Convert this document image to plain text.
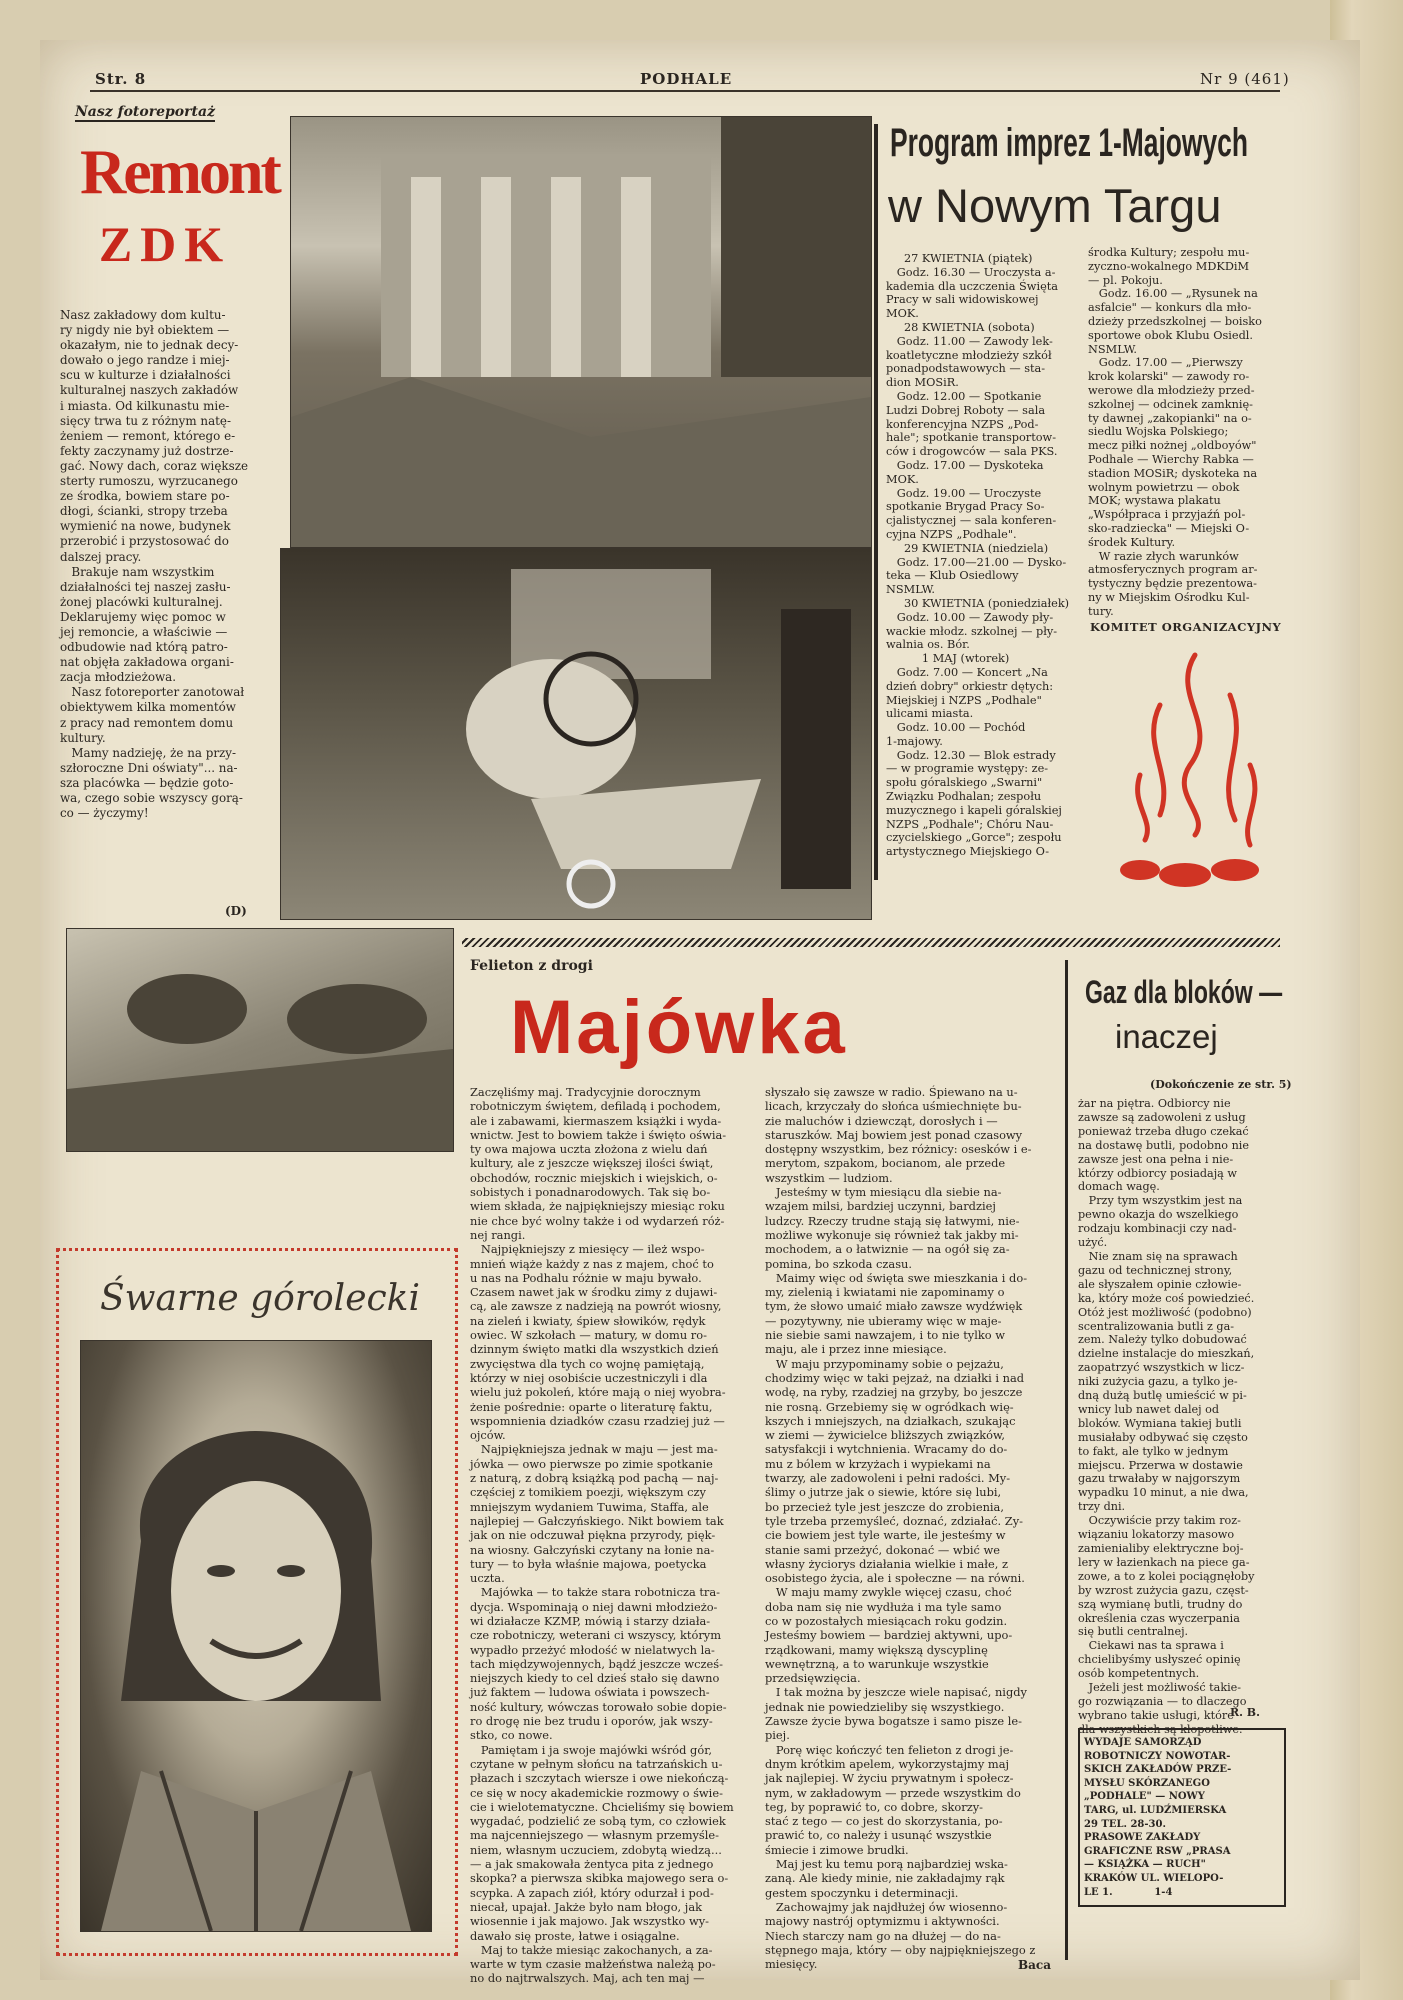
Str. 8	PODHALE	Nr 9 (461)
Nasz fotoreportaż
Remont
ZDK
Nasz zakładowy dom kultu-
ry nigdy nie był obiektem —
okazałym, nie to jednak decy-
dowało o jego randze i miej-
scu w kulturze i działalności
kulturalnej naszych zakładów
i miasta. Od kilkunastu mie-
sięcy trwa tu z różnym natę-
żeniem — remont, którego e-
fekty zaczynamy już dostrze-
gać. Nowy dach, coraz większe
sterty rumoszu, wyrzucanego
ze środka, bowiem stare po-
dłogi, ścianki, stropy trzeba
wymienić na nowe, budynek
przerobić i przystosować do
dalszej pracy.
Brakuje nam wszystkim
działalności tej naszej zasłu-
żonej placówki kulturalnej.
Deklarujemy więc pomoc w
jej remoncie, a właściwie —
odbudowie nad którą patro-
nat objęła zakładowa organi-
zacja młodzieżowa.
Nasz fotoreporter zanotował
obiektywem kilka momentów
z pracy nad remontem domu
kultury.
Mamy nadzieję, że na przy-
szłoroczne Dni oświaty"... na-
sza placówka — będzie goto-
wa, czego sobie wszyscy gorą-
co — życzymy!
(D)
Program imprez 1-Majowych
w Nowym Targu
27 KWIETNIA (piątek)
Godz. 16.30 — Uroczysta a-
kademia dla uczczenia Święta
Pracy w sali widowiskowej
MOK.
28 KWIETNIA (sobota)
Godz. 11.00 — Zawody lek-
koatletyczne młodzieży szkół
ponadpodstawowych — sta-
dion MOSiR.
Godz. 12.00 — Spotkanie
Ludzi Dobrej Roboty — sala
konferencyjna NZPS „Pod-
hale"; spotkanie transportow-
ców i drogowców — sala PKS.
Godz. 17.00 — Dyskoteka
MOK.
Godz. 19.00 — Uroczyste
spotkanie Brygad Pracy So-
cjalistycznej — sala konferen-
cyjna NZPS „Podhale".
29 KWIETNIA (niedziela)
Godz. 17.00—21.00 — Dysko-
teka — Klub Osiedlowy
NSMLW.
30 KWIETNIA (poniedziałek)
Godz. 10.00 — Zawody pły-
wackie młodz. szkolnej — pły-
walnia os. Bór.
1 MAJ (wtorek)
Godz. 7.00 — Koncert „Na
dzień dobry" orkiestr dętych:
Miejskiej i NZPS „Podhale"
ulicami miasta.
Godz. 10.00 — Pochód
1-majowy.
Godz. 12.30 — Blok estrady
— w programie występy: ze-
społu góralskiego „Swarni"
Związku Podhalan; zespołu
muzycznego i kapeli góralskiej
NZPS „Podhale"; Chóru Nau-
czycielskiego „Gorce"; zespołu
artystycznego Miejskiego O-
środka Kultury; zespołu mu-
zyczno-wokalnego MDKDiM
— pl. Pokoju.
Godz. 16.00 — „Rysunek na
asfalcie" — konkurs dla mło-
dzieży przedszkolnej — boisko
sportowe obok Klubu Osiedl.
NSMLW.
Godz. 17.00 — „Pierwszy
krok kolarski" — zawody ro-
werowe dla młodzieży przed-
szkolnej — odcinek zamknię-
ty dawnej „zakopianki" na o-
siedlu Wojska Polskiego;
mecz piłki nożnej „oldboyów"
Podhale — Wierchy Rabka —
stadion MOSiR; dyskoteka na
wolnym powietrzu — obok
MOK; wystawa plakatu
„Współpraca i przyjaźń pol-
sko-radziecka" — Miejski O-
środek Kultury.
W razie złych warunków
atmosferycznych program ar-
tystyczny będzie prezentowa-
ny w Miejskim Ośrodku Kul-
tury.
KOMITET ORGANIZACYJNY
Felieton z drogi
Majówka
Zaczęliśmy maj. Tradycyjnie dorocznym
robotniczym świętem, defiladą i pochodem,
ale i zabawami, kiermaszem książki i wyda-
wnictw. Jest to bowiem także i święto oświa-
ty owa majowa uczta złożona z wielu dań
kultury, ale z jeszcze większej ilości świąt,
obchodów, rocznic miejskich i wiejskich, o-
sobistych i ponadnarodowych. Tak się bo-
wiem składa, że najpiękniejszy miesiąc roku
nie chce być wolny także i od wydarzeń róż-
nej rangi.
Najpiękniejszy z miesięcy — ileż wspo-
mnień wiąże każdy z nas z majem, choć to
u nas na Podhalu różnie w maju bywało.
Czasem nawet jak w środku zimy z dujawi-
cą, ale zawsze z nadzieją na powrót wiosny,
na zieleń i kwiaty, śpiew słowików, rędyk
owiec. W szkołach — matury, w domu ro-
dzinnym święto matki dla wszystkich dzień
zwycięstwa dla tych co wojnę pamiętają,
którzy w niej osobiście uczestniczyli i dla
wielu już pokoleń, które mają o niej wyobra-
żenie pośrednie: oparte o literaturę faktu,
wspomnienia dziadków czasu rzadziej już —
ojców.
Najpiękniejsza jednak w maju — jest ma-
jówka — owo pierwsze po zimie spotkanie
z naturą, z dobrą książką pod pachą — naj-
częściej z tomikiem poezji, większym czy
mniejszym wydaniem Tuwima, Staffa, ale
najlepiej — Gałczyńskiego. Nikt bowiem tak
jak on nie odczuwał piękna przyrody, pięk-
na wiosny. Gałczyński czytany na łonie na-
tury — to była właśnie majowa, poetycka
uczta.
Majówka — to także stara robotnicza tra-
dycja. Wspominają o niej dawni młodzieżo-
wi działacze KZMP, mówią i starzy działa-
cze robotniczy, weterani ci wszyscy, którym
wypadło przeżyć młodość w nielatwych la-
tach międzywojennych, bądź jeszcze wcześ-
niejszych kiedy to cel dzieś stało się dawno
już faktem — ludowa oświata i powszech-
ność kultury, wówczas torowało sobie dopie-
ro drogę nie bez trudu i oporów, jak wszy-
stko, co nowe.
Pamiętam i ja swoje majówki wśród gór,
czytane w pełnym słońcu na tatrzańskich u-
płazach i szczytach wiersze i owe niekończą-
ce się w nocy akademickie rozmowy o świe-
cie i wielotematyczne. Chcieliśmy się bowiem
wygadać, podzielić ze sobą tym, co człowiek
ma najcenniejszego — własnym przemyśle-
niem, własnym uczuciem, zdobytą wiedzą...
— a jak smakowała żentyca pita z jednego
skopka? a pierwsza skibka majowego sera o-
scypka. A zapach ziół, który odurzał i pod-
niecał, upajał. Jakże było nam błogo, jak
wiosennie i jak majowo. Jak wszystko wy-
dawało się proste, łatwe i osiągalne.
Maj to także miesiąc zakochanych, a za-
warte w tym czasie małżeństwa należą po-
no do najtrwalszych. Maj, ach ten maj —
słyszało się zawsze w radio. Śpiewano na u-
licach, krzyczały do słońca uśmiechnięte bu-
zie maluchów i dziewcząt, dorosłych i —
staruszków. Maj bowiem jest ponad czasowy
dostępny wszystkim, bez różnicy: osesków i e-
merytom, szpakom, bocianom, ale przede
wszystkim — ludziom.
Jesteśmy w tym miesiącu dla siebie na-
wzajem milsi, bardziej uczynni, bardziej
ludzcy. Rzeczy trudne stają się łatwymi, nie-
możliwe wykonuje się również tak jakby mi-
mochodem, a o łatwiznie — na ogół się za-
pomina, bo szkoda czasu.
Maimy więc od święta swe mieszkania i do-
my, zielenią i kwiatami nie zapominamy o
tym, że słowo umaić miało zawsze wydźwięk
— pozytywny, nie ubieramy więc w maje-
nie siebie sami nawzajem, i to nie tylko w
maju, ale i przez inne miesiące.
W maju przypominamy sobie o pejzażu,
chodzimy więc w taki pejzaż, na działki i nad
wodę, na ryby, rzadziej na grzyby, bo jeszcze
nie rosną. Grzebiemy się w ogródkach wię-
kszych i mniejszych, na działkach, szukając
w ziemi — żywicielce bliższych związków,
satysfakcji i wytchnienia. Wracamy do do-
mu z bólem w krzyżach i wypiekami na
twarzy, ale zadowoleni i pełni radości. My-
ślimy o jutrze jak o siewie, które się lubi,
bo przecież tyle jest jeszcze do zrobienia,
tyle trzeba przemyśleć, doznać, zdziałać. Zy-
cie bowiem jest tyle warte, ile jesteśmy w
stanie sami przeżyć, dokonać — wbić we
własny życiorys działania wielkie i małe, z
osobistego życia, ale i społeczne — na równi.
W maju mamy zwykle więcej czasu, choć
doba nam się nie wydłuża i ma tyle samo
co w pozostałych miesiącach roku godzin.
Jesteśmy bowiem — bardziej aktywni, upo-
rządkowani, mamy większą dyscyplinę
wewnętrzną, a to warunkuje wszystkie
przedsięwzięcia.
I tak można by jeszcze wiele napisać, nigdy
jednak nie powiedzieliby się wszystkiego.
Zawsze życie bywa bogatsze i samo pisze le-
piej.
Porę więc kończyć ten felieton z drogi je-
dnym krótkim apelem, wykorzystajmy maj
jak najlepiej. W życiu prywatnym i społecz-
nym, w zakładowym — przede wszystkim do
teg, by poprawić to, co dobre, skorzy-
stać z tego — co jest do skorzystania, po-
prawić to, co należy i usunąć wszystkie
śmiecie i zimowe brudki.
Maj jest ku temu porą najbardziej wska-
zaną. Ale kiedy minie, nie zakładajmy rąk
gestem spoczynku i determinacji.
Zachowajmy jak najdłużej ów wiosenno-
majowy nastrój optymizmu i aktywności.
Niech starczy nam go na dłużej — do na-
stępnego maja, który — oby najpiękniejszego z
miesięcy.	Baca
Gaz dla bloków —
inaczej
(Dokończenie ze str. 5)
żar na piętra. Odbiorcy nie
zawsze są zadowoleni z usług
ponieważ trzeba długo czekać
na dostawę butli, podobno nie
zawsze jest ona pełna i nie-
którzy odbiorcy posiadają w
domach wagę.
Przy tym wszystkim jest na
pewno okazja do wszelkiego
rodzaju kombinacji czy nad-
użyć.
Nie znam się na sprawach
gazu od technicznej strony,
ale słyszałem opinie człowie-
ka, który może coś powiedzieć.
Otóż jest możliwość (podobno)
scentralizowania butli z ga-
zem. Należy tylko dobudować
dzielne instalacje do mieszkań,
zaopatrzyć wszystkich w licz-
niki zużycia gazu, a tylko je-
dną dużą butlę umieścić w pi-
wnicy lub nawet dalej od
bloków. Wymiana takiej butli
musiałaby odbywać się często
to fakt, ale tylko w jednym
miejscu. Przerwa w dostawie
gazu trwałaby w najgorszym
wypadku 10 minut, a nie dwa,
trzy dni.
Oczywiście przy takim roz-
wiązaniu lokatorzy masowo
zamienialiby elektryczne boj-
lery w łazienkach na piece ga-
zowe, a to z kolei pociągnęłoby
by wzrost zużycia gazu, częst-
szą wymianę butli, trudny do
określenia czas wyczerpania
się butli centralnej.
Ciekawi nas ta sprawa i
chcielibyśmy usłyszeć opinię
osób kompetentnych.
Jeżeli jest możliwość takie-
go rozwiązania — to dlaczego
wybrano takie usługi, które
dla wszystkich są kłopotliwe.
R. B.
WYDAJE SAMORZĄD
ROBOTNICZY NOWOTAR-
SKICH ZAKŁADÓW PRZE-
MYSŁU SKÓRZANEGO
„PODHALE" — NOWY
TARG, ul. LUDŹMIERSKA
29 TEL. 28-30.
PRASOWE ZAKŁADY
GRAFICZNE RSW „PRASA
— KSIĄŻKA — RUCH"
KRAKÓW UL. WIELOPO-
LE 1.            1-4
Śwarne górolecki
